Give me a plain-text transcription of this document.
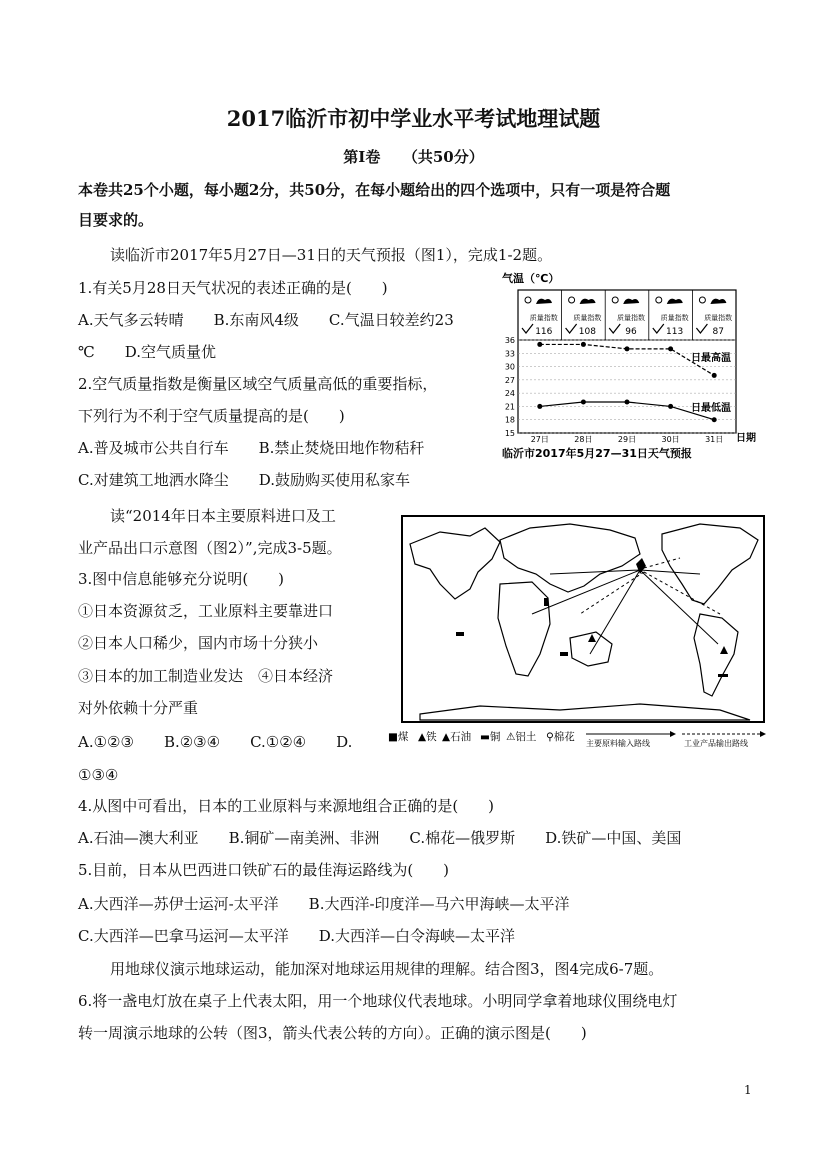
2017临沂市初中学业水平考试地理试题
第Ⅰ卷　　（共50分）
本卷共25个小题，每小题2分，共50分，在每小题给出的四个选项中，只有一项是符合题
目要求的。
读临沂市2017年5月27日—31日的天气预报（图1），完成1-2题。
1.有关5月28日天气状况的表述正确的是(　　)
A.天气多云转晴　　B.东南风4级　　C.气温日较差约23
℃　　D.空气质量优
2.空气质量指数是衡量区域空气质量高低的重要指标，
下列行为不利于空气质量提高的是(　　)
A.普及城市公共自行车　　B.禁止焚烧田地作物秸秆
C.对建筑工地洒水降尘　　D.鼓励购买使用私家车
读“2014年日本主要原料进口及工
业产品出口示意图（图2）”,完成3-5题。
3.图中信息能够充分说明(　　)
①日本资源贫乏，工业原料主要靠进口
②日本人口稀少，国内市场十分狭小
③日本的加工制造业发达　④日本经济
对外依赖十分严重
A.①②③　　B.②③④　　C.①②④　　D.
①③④
4.从图中可看出，日本的工业原料与来源地组合正确的是(　　)
A.石油—澳大利亚　　B.铜矿—南美洲、非洲　　C.棉花—俄罗斯　　D.铁矿—中国、美国
5.目前，日本从巴西进口铁矿石的最佳海运路线为(　　)
A.大西洋—苏伊士运河-太平洋　　B.大西洋-印度洋—马六甲海峡—太平洋
C.大西洋—巴拿马运河—太平洋　　D.大西洋—白令海峡—太平洋
用地球仪演示地球运动，能加深对地球运用规律的理解。结合图3，图4完成6-7题。
6.将一盏电灯放在桌子上代表太阳，用一个地球仪代表地球。小明同学拿着地球仪围绕电灯
转一周演示地球的公转（图3，箭头代表公转的方向）。正确的演示图是(　　)
1
气温（℃）
质量指数
116
质量指数
108
质量指数
96
质量指数
113
质量指数
87
15
18
21
24
27
30
33
36
27日	28日	29日	30日	31日
日最高温
日最低温
日期
临沂市2017年5月27—31日天气预报
■煤 ▲铁 ▲石油 ▬铜 ⚠铝土 ⚲棉花
主要原料输入路线	工业产品输出路线
